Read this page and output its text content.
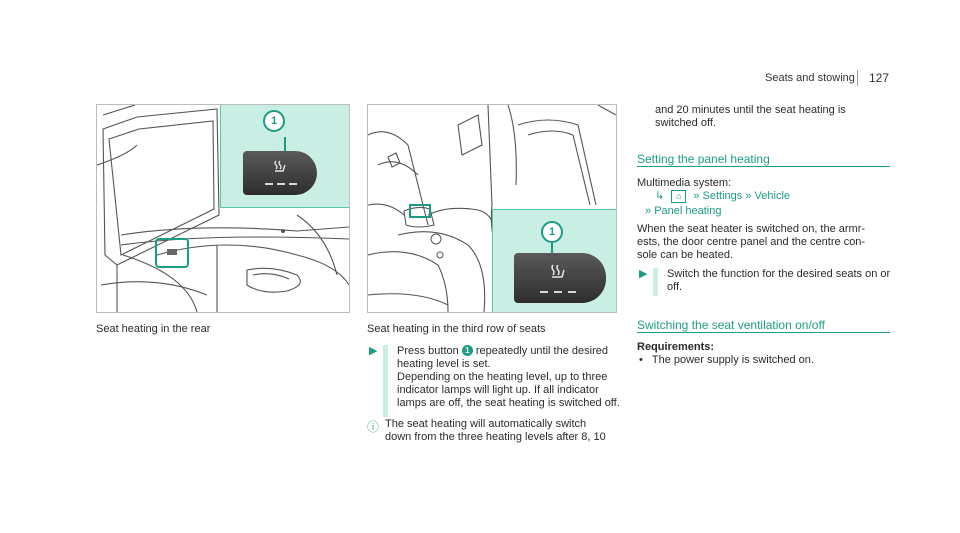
Seats and stowing 127
1
1
Seat heating in the rear	Seat heating in the third row of seats
▶ Press button 1 repeatedly until the desired
heating level is set.
Depending on the heating level, up to three
indicator lamps will light up. If all indicator
lamps are off, the seat heating is switched off.
ⓘ The seat heating will automatically switch
down from the three heating levels after 8, 10
and 20 minutes until the seat heating is
switched off.
Setting the panel heating
Multimedia system:
↳ ⌂ » Settings » Vehicle
» Panel heating
When the seat heater is switched on, the armr-
ests, the door centre panel and the centre con-
sole can be heated.
▶ Switch the function for the desired seats on or
off.
Switching the seat ventilation on/off
Requirements:
• The power supply is switched on.
